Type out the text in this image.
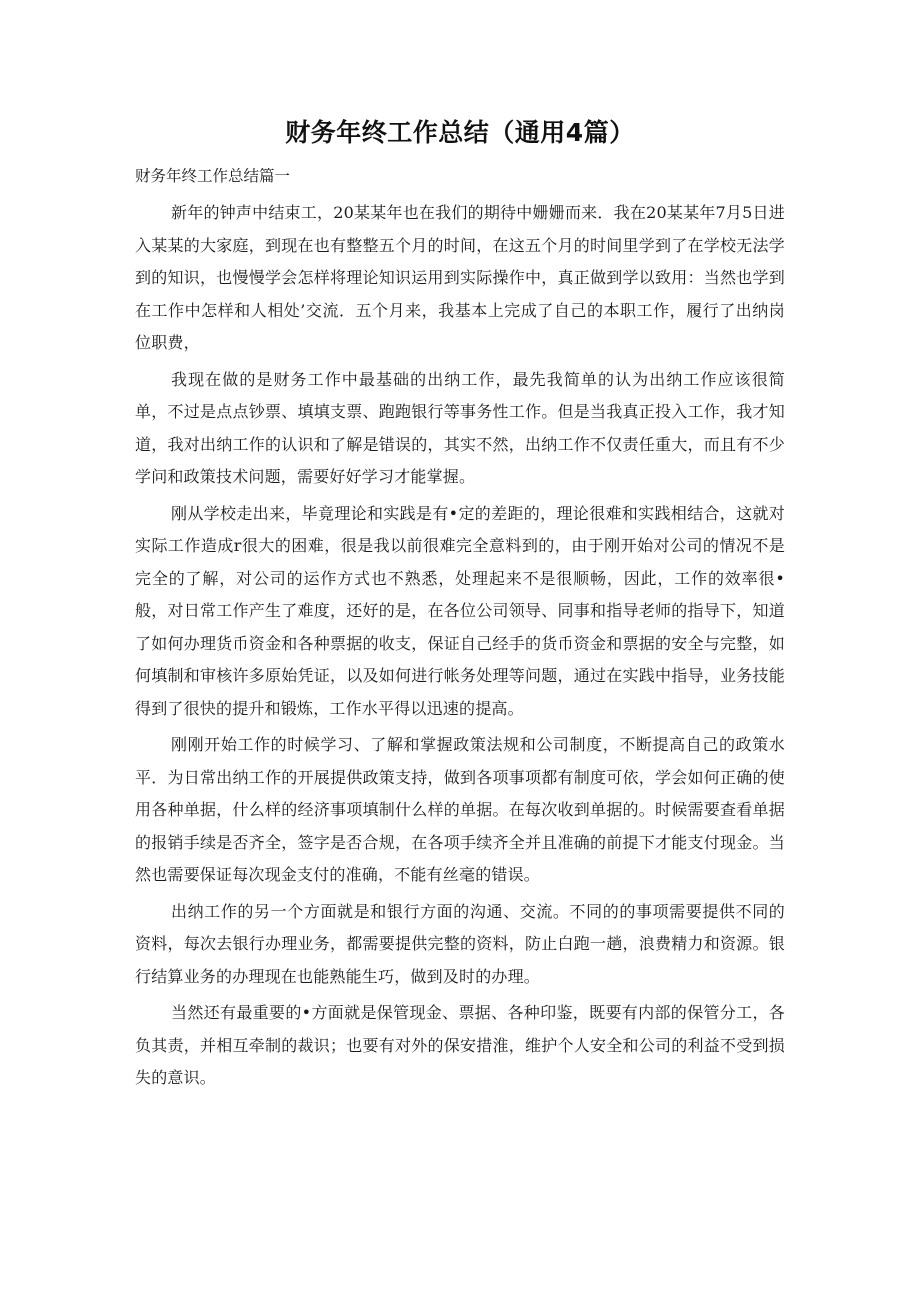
财务年终工作总结（通用4篇）
财务年终工作总结篇一

新年的钟声中结束工，20某某年也在我们的期待中姗姗而来．我在20某某年7月5日进入某某的大家庭，到现在也有整整五个月的时间，在这五个月的时间里学到了在学校无法学到的知识，也慢慢学会怎样将理论知识运用到实际操作中，真正做到学以致用：当然也学到在工作中怎样和人相处’交流．五个月来，我基本上完成了自己的本职工作，履行了出纳岗位职费，

我现在做的是财务工作中最基础的出纳工作，最先我简单的认为出纳工作应该很简单，不过是点点钞票、填填支票、跑跑银行等事务性工作。但是当我真正投入工作，我才知道，我对出纳工作的认识和了解是错误的，其实不然，出纳工作不仅责任重大，而且有不少学问和政策技术问题，需要好好学习才能掌握。

刚从学校走出来，毕竟理论和实践是有•定的差距的，理论很难和实践相结合，这就对实际工作造成r很大的困难，很是我以前很难完全意料到的，由于刚开始对公司的情况不是完全的了解，对公司的运作方式也不熟悉，处理起来不是很顺畅，因此，工作的效率很•般，对日常工作产生了难度，还好的是，在各位公司领导、同事和指导老师的指导下，知道了如何办理货币资金和各种票据的收支，保证自己经手的货币资金和票据的安全与完整，如何填制和审核许多原始凭证，以及如何进行帐务处理等问题，通过在实践中指导，业务技能得到了很快的提升和锻炼，工作水平得以迅速的提高。

刚刚开始工作的时候学习、了解和掌握政策法规和公司制度，不断提高自己的政策水平．为日常出纳工作的开展提供政策支持，做到各项事项都有制度可依，学会如何正确的使用各种单据，什么样的经济事项填制什么样的单据。在每次收到单据的。时候需要查看单据的报销手续是否齐全，签字是否合规，在各项手续齐全并且准确的前提下才能支付现金。当然也需要保证每次现金支付的准确，不能有丝毫的错误。

出纳工作的另一个方面就是和银行方面的沟通、交流。不同的的事项需要提供不同的资料，每次去银行办理业务，都需要提供完整的资料，防止白跑一趟，浪费精力和资源。银行结算业务的办理现在也能熟能生巧，做到及时的办理。

当然还有最重要的•方面就是保管现金、票据、各种印鉴，既要有内部的保管分工，各负其责，并相互牵制的裁识；也要有对外的保安措淮，维护个人安全和公司的利益不受到损失的意识。
